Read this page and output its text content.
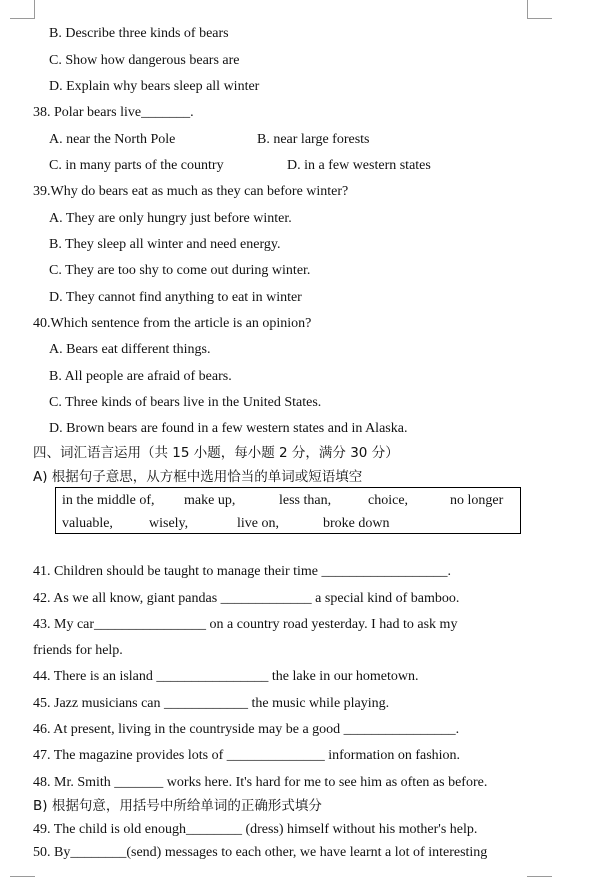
B. Describe three kinds of bears
C. Show how dangerous bears are
D. Explain why bears sleep all winter
38. Polar bears live_______.
A. near the North Pole	B. near large forests
C. in many parts of the country	D. in a few western states
39.Why do bears eat as much as they can before winter?
A. They are only hungry just before winter.
B. They sleep all winter and need energy.
C. They are too shy to come out during winter.
D. They cannot find anything to eat in winter
40.Which sentence from the article is an opinion?
A. Bears eat different things.
B. All people are afraid of bears.
C. Three kinds of bears live in the United States.
D. Brown bears are found in a few western states and in Alaska.
四、词汇语言运用（共 15 小题，每小题 2 分，满分 30 分）
A) 根据句子意思，从方框中选用恰当的单词或短语填空
in the middle of, make up,	less than,	choice,	no longer
valuable,	wisely,	live on,	broke down
41. Children should be taught to manage their time __________________.
42. As we all know, giant pandas _____________ a special kind of bamboo.
43. My car________________ on a country road yesterday. I had to ask my
friends for help.
44. There is an island ________________ the lake in our hometown.
45. Jazz musicians can ____________ the music while playing.
46. At present, living in the countryside may be a good ________________.
47. The magazine provides lots of ______________ information on fashion.
48. Mr. Smith _______ works here. It's hard for me to see him as often as before.
B) 根据句意，用括号中所给单词的正确形式填分
49. The child is old enough________ (dress) himself without his mother's help.
50. By________(send) messages to each other, we have learnt a lot of interesting
